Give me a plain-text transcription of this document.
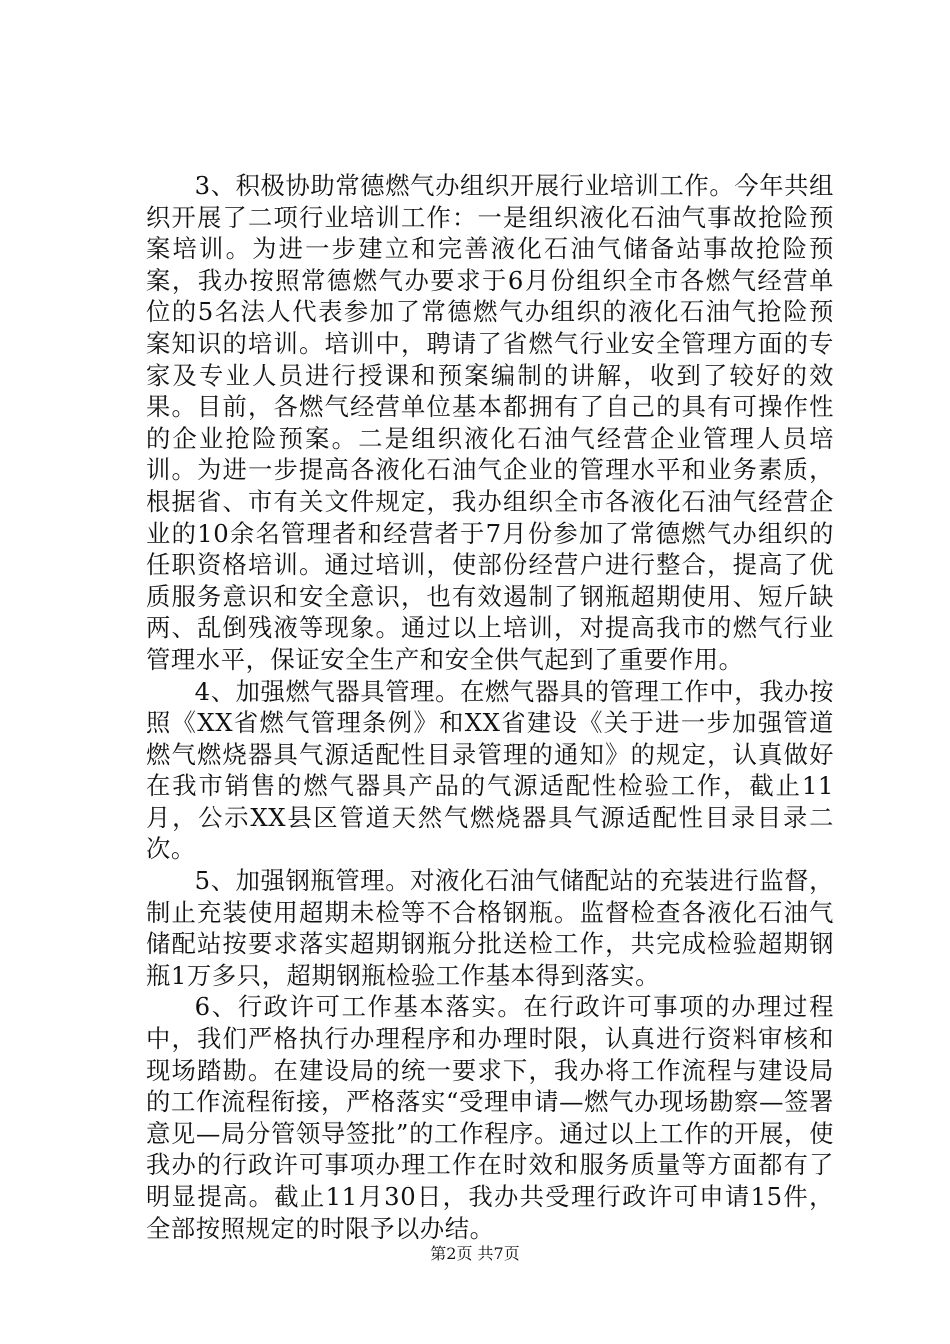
3、积极协助常德燃气办组织开展行业培训工作。今年共组织开展了二项行业培训工作：一是组织液化石油气事故抢险预案培训。为进一步建立和完善液化石油气储备站事故抢险预案，我办按照常德燃气办要求于6月份组织全市各燃气经营单位的5名法人代表参加了常德燃气办组织的液化石油气抢险预案知识的培训。培训中，聘请了省燃气行业安全管理方面的专家及专业人员进行授课和预案编制的讲解，收到了较好的效果。目前，各燃气经营单位基本都拥有了自己的具有可操作性的企业抢险预案。二是组织液化石油气经营企业管理人员培训。为进一步提高各液化石油气企业的管理水平和业务素质，根据省、市有关文件规定，我办组织全市各液化石油气经营企业的10余名管理者和经营者于7月份参加了常德燃气办组织的任职资格培训。通过培训，使部份经营户进行整合，提高了优质服务意识和安全意识，也有效遏制了钢瓶超期使用、短斤缺两、乱倒残液等现象。通过以上培训，对提高我市的燃气行业管理水平，保证安全生产和安全供气起到了重要作用。

4、加强燃气器具管理。在燃气器具的管理工作中，我办按照《XX省燃气管理条例》和XX省建设《关于进一步加强管道燃气燃烧器具气源适配性目录管理的通知》的规定，认真做好在我市销售的燃气器具产品的气源适配性检验工作，截止11月，公示XX县区管道天然气燃烧器具气源适配性目录目录二次。

5、加强钢瓶管理。对液化石油气储配站的充装进行监督，制止充装使用超期未检等不合格钢瓶。监督检查各液化石油气储配站按要求落实超期钢瓶分批送检工作，共完成检验超期钢瓶1万多只，超期钢瓶检验工作基本得到落实。

6、行政许可工作基本落实。在行政许可事项的办理过程中，我们严格执行办理程序和办理时限，认真进行资料审核和现场踏勘。在建设局的统一要求下，我办将工作流程与建设局的工作流程衔接，严格落实“受理申请—燃气办现场勘察—签署意见—局分管领导签批”的工作程序。通过以上工作的开展，使我办的行政许可事项办理工作在时效和服务质量等方面都有了明显提高。截止11月30日，我办共受理行政许可申请15件，全部按照规定的时限予以办结。

第2页 共7页
